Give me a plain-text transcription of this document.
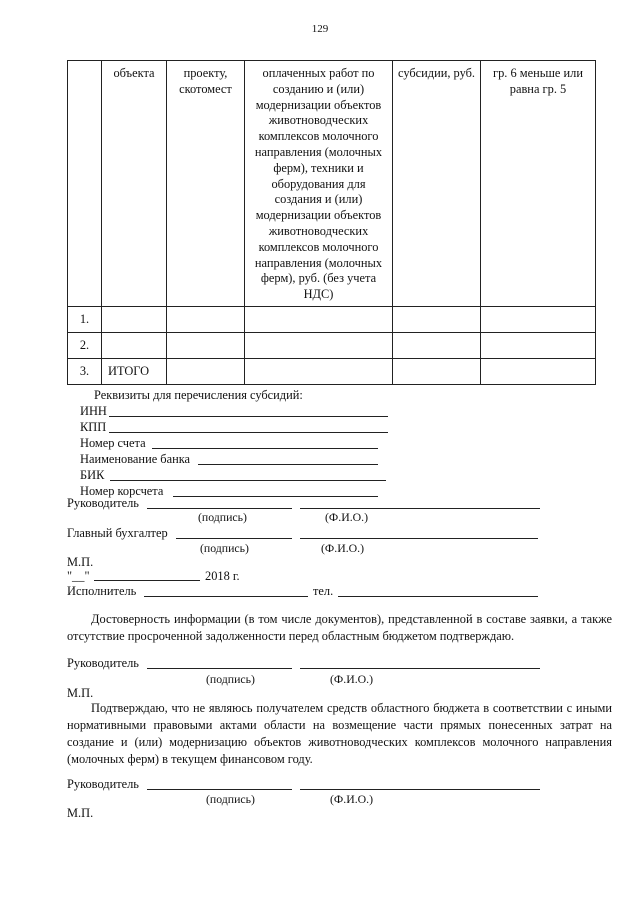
129
	объекта	проекту, скотомест	оплаченных работ по созданию и (или) модернизации объектов животноводческих комплексов молочного направления (молочных ферм), техники и оборудования для создания и (или) модернизации объектов животноводческих комплексов молочного направления (молочных ферм), руб. (без учета НДС)	субсидии, руб.	гр. 6 меньше или равна гр. 5
1.					
2.					
3.	ИТОГО				
Реквизиты для перечисления субсидий:
ИНН
КПП
Номер счета
Наименование банка
БИК
Номер корсчета
Руководитель
(подпись)	(Ф.И.О.)
Главный бухгалтер
(подпись)	(Ф.И.О.)
М.П.
"__"	2018 г.
Исполнитель	тел.
Достоверность информации (в том числе документов), представленной в составе заявки, а также отсутствие просроченной задолженности перед областным бюджетом подтверждаю.
Руководитель
(подпись)	(Ф.И.О.)
М.П.
Подтверждаю, что не являюсь получателем средств областного бюджета в соответствии с иными нормативными правовыми актами области на возмещение части прямых понесенных затрат на создание и (или) модернизацию объектов животноводческих комплексов молочного направления (молочных ферм) в текущем финансовом году.
Руководитель
(подпись)	(Ф.И.О.)
М.П.
